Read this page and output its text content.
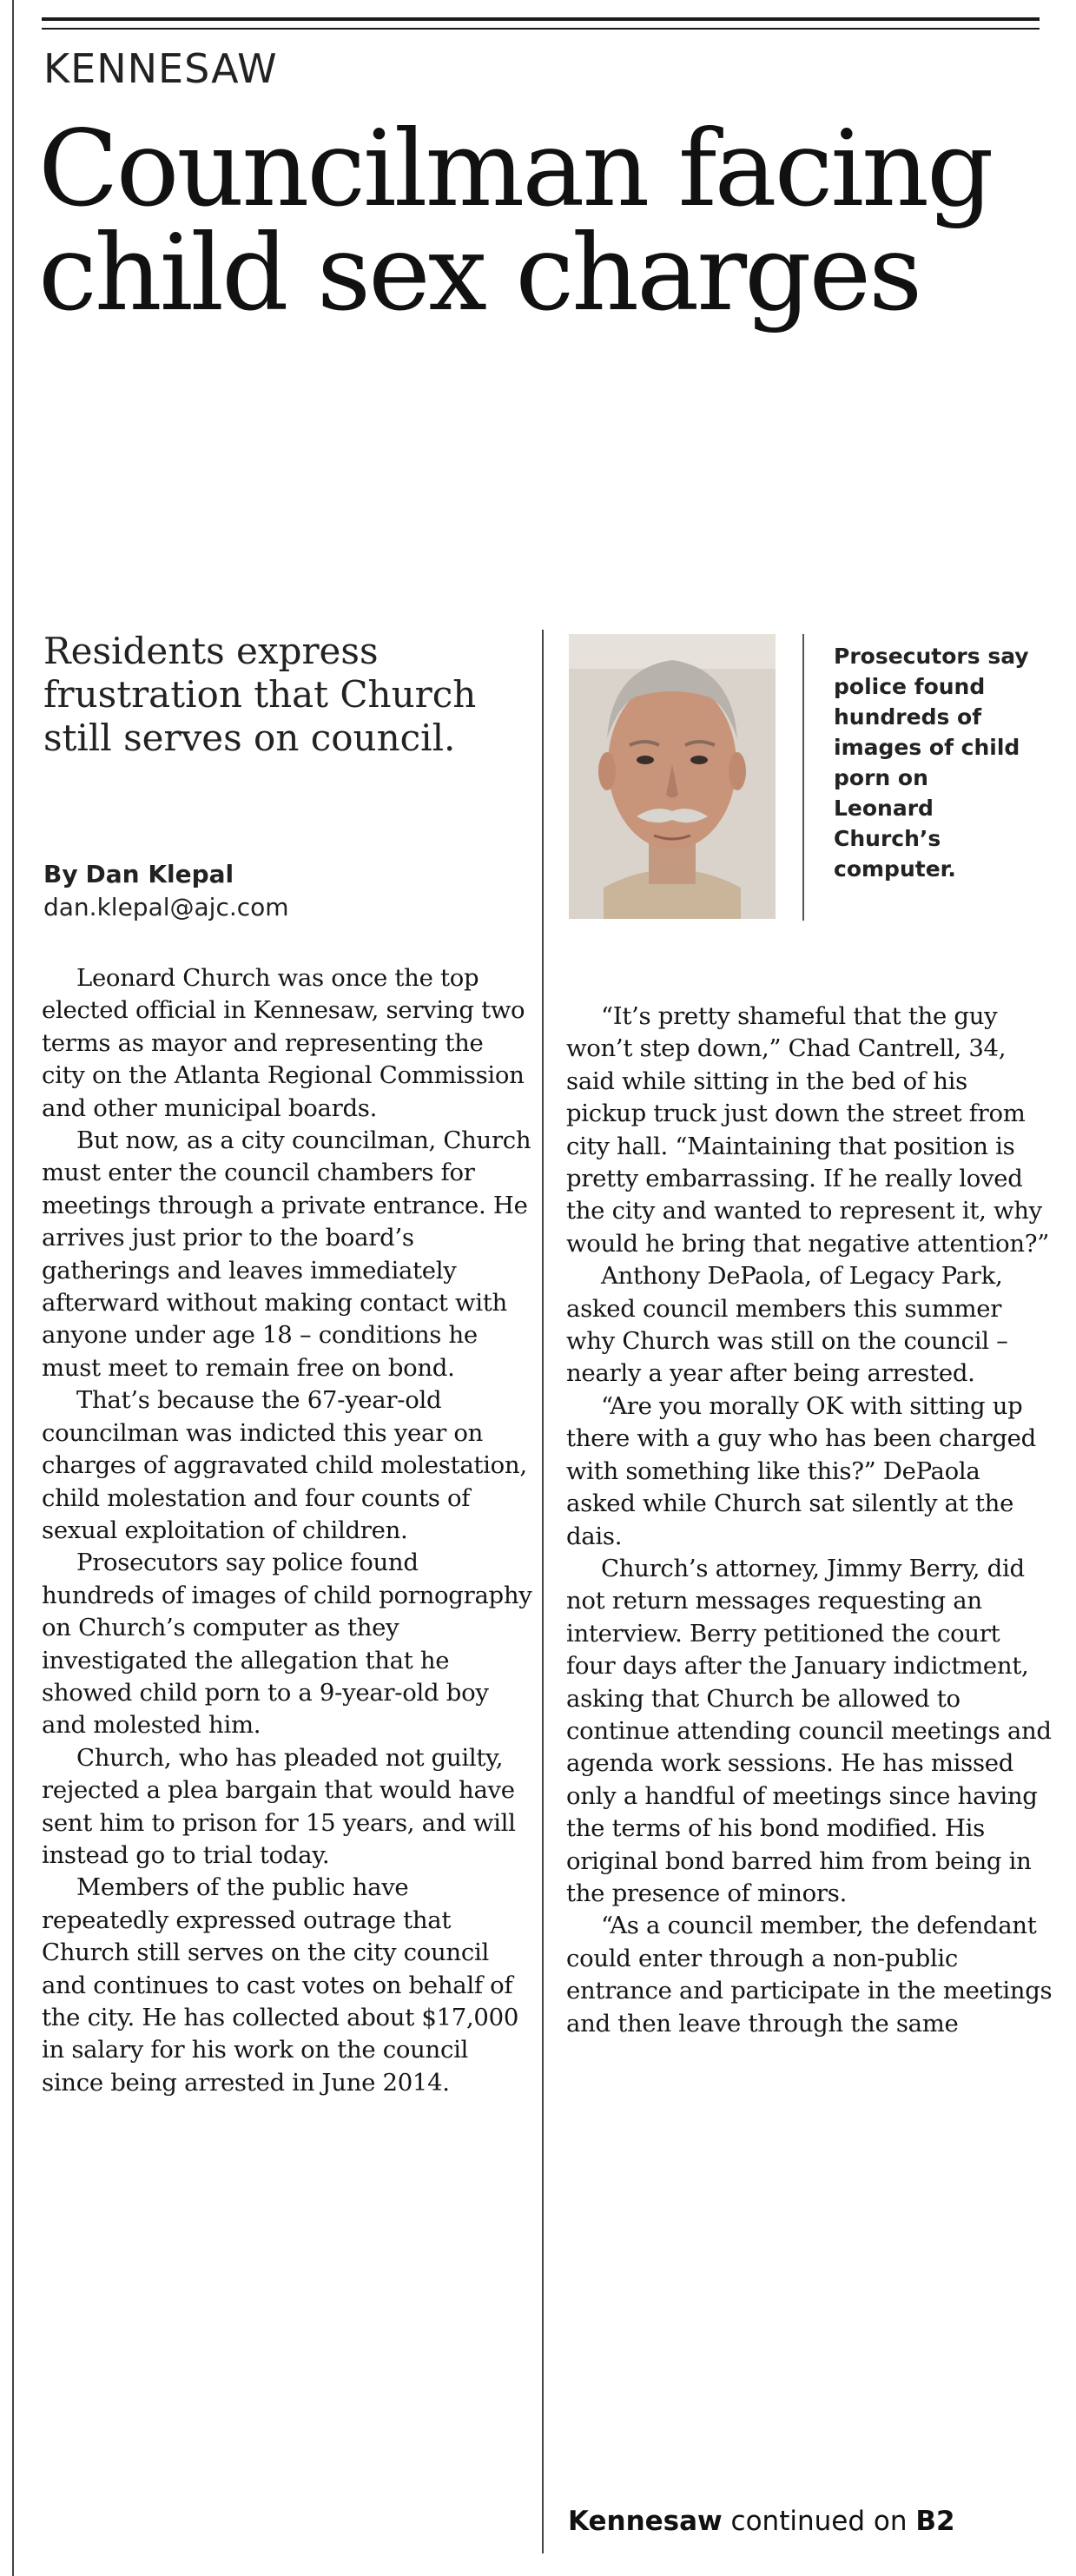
KENNESAW
Councilman facing child sex charges
Residents express frustration that Church still serves on council.
By Dan Klepal
dan.klepal@ajc.com
Prosecutors say police found hundreds of images of child porn on Leonard Church’s computer.

Leonard Church was once the top elected official in Kennesaw, serving two terms as mayor and representing the city on the Atlanta Regional Commission and other municipal boards.

But now, as a city councilman, Church must enter the council chambers for meetings through a private entrance. He arrives just prior to the board’s gatherings and leaves immediately afterward without making contact with anyone under age 18 – conditions he must meet to remain free on bond.

That’s because the 67-year-old councilman was indicted this year on charges of aggravated child molestation, child molestation and four counts of sexual exploitation of children.

Prosecutors say police found hundreds of images of child pornography on Church’s computer as they investigated the allegation that he showed child porn to a 9-year-old boy and molested him.

Church, who has pleaded not guilty, rejected a plea bargain that would have sent him to prison for 15 years, and will instead go to trial today.

Members of the public have repeatedly expressed outrage that Church still serves on the city council and continues to cast votes on behalf of the city. He has collected about $17,000 in salary for his work on the council since being arrested in June 2014.

“It’s pretty shameful that the guy won’t step down,” Chad Cantrell, 34, said while sitting in the bed of his pickup truck just down the street from city hall. “Maintaining that position is pretty embarrassing. If he really loved the city and wanted to represent it, why would he bring that negative attention?”

Anthony DePaola, of Legacy Park, asked council members this summer why Church was still on the council – nearly a year after being arrested.

“Are you morally OK with sitting up there with a guy who has been charged with something like this?” DePaola asked while Church sat silently at the dais.

Church’s attorney, Jimmy Berry, did not return messages requesting an interview. Berry petitioned the court four days after the January indictment, asking that Church be allowed to continue attending council meetings and agenda work sessions. He has missed only a handful of meetings since having the terms of his bond modified. His original bond barred him from being in the presence of minors.

“As a council member, the defendant could enter through a non-public entrance and participate in the meetings and then leave through the same

Kennesaw continued on B2
